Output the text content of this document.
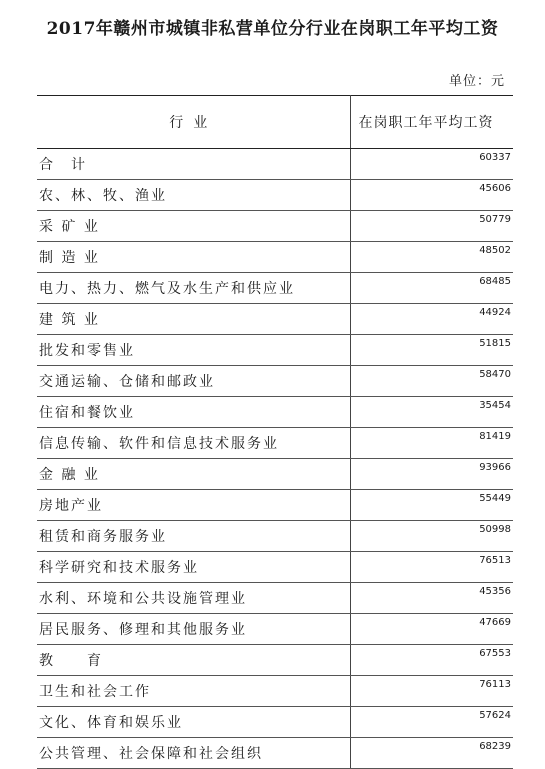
2017年赣州市城镇非私营单位分行业在岗职工年平均工资
单位：元
行业	在岗职工年平均工资
合　计	60337
农、林、牧、渔业	45606
采 矿 业	50779
制 造 业	48502
电力、热力、燃气及水生产和供应业	68485
建 筑 业	44924
批发和零售业	51815
交通运输、仓储和邮政业	58470
住宿和餐饮业	35454
信息传输、软件和信息技术服务业	81419
金 融 业	93966
房地产业	55449
租赁和商务服务业	50998
科学研究和技术服务业	76513
水利、环境和公共设施管理业	45356
居民服务、修理和其他服务业	47669
教　　育	67553
卫生和社会工作	76113
文化、体育和娱乐业	57624
公共管理、社会保障和社会组织	68239
